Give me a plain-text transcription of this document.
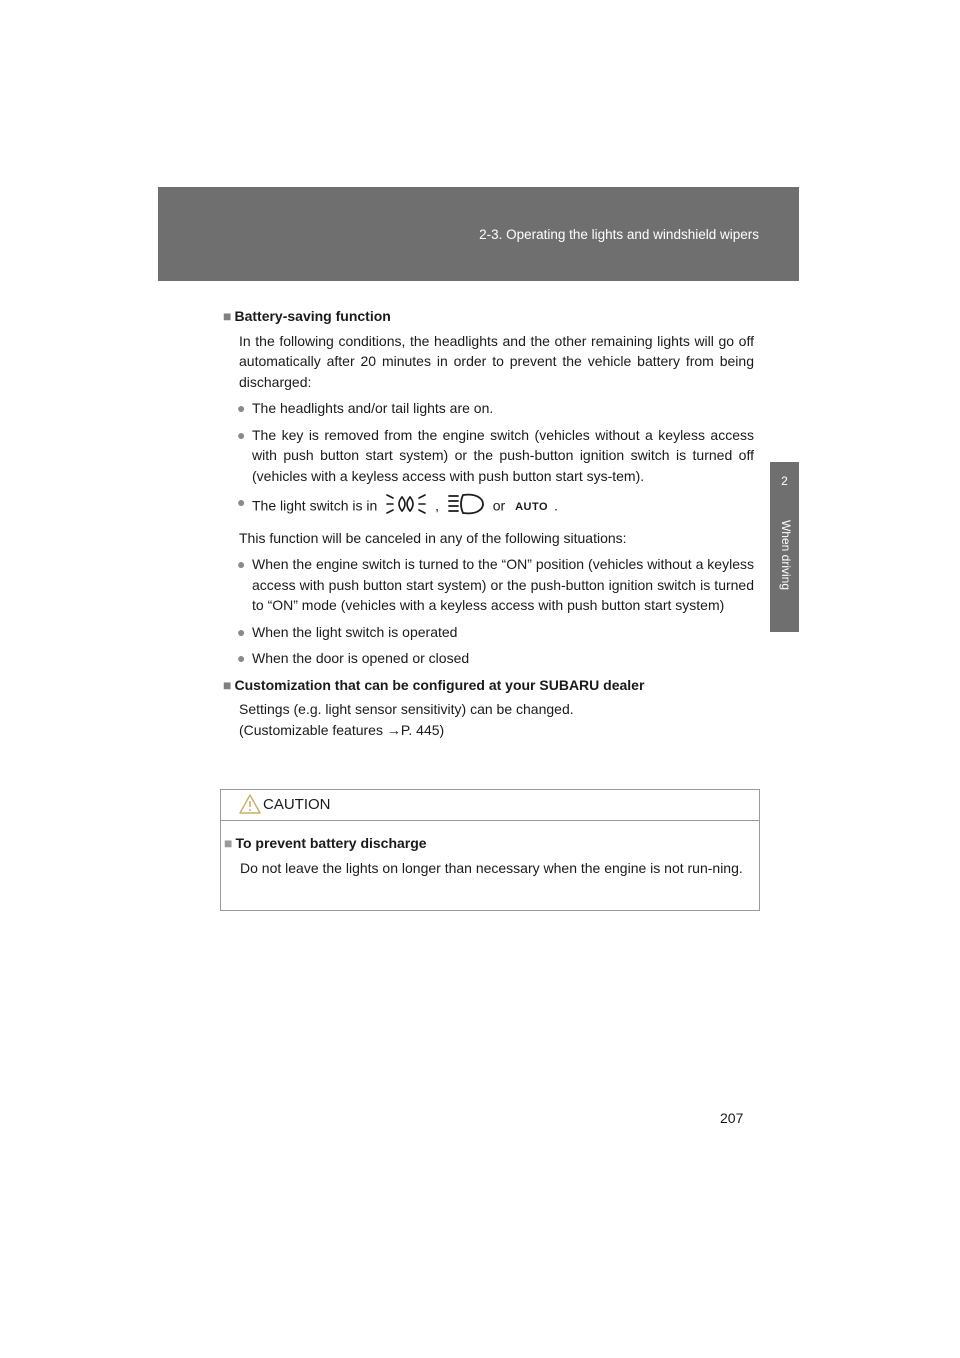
2-3. Operating the lights and windshield wipers
2
When driving
■ Battery-saving function
In the following conditions, the headlights and the other remaining lights will go off automatically after 20 minutes in order to prevent the vehicle battery from being discharged:
● The headlights and/or tail lights are on.
● The key is removed from the engine switch (vehicles without a keyless access with push button start system) or the push-button ignition switch is turned off (vehicles with a keyless access with push button start sys-tem).
● The light switch is in	,	or AUTO .
This function will be canceled in any of the following situations:
● When the engine switch is turned to the “ON” position (vehicles without a keyless access with push button start system) or the push-button ignition switch is turned to “ON” mode (vehicles with a keyless access with push button start system)
● When the light switch is operated
● When the door is opened or closed
■ Customization that can be configured at your SUBARU dealer
Settings (e.g. light sensor sensitivity) can be changed.
(Customizable features →P. 445)
CAUTION
■ To prevent battery discharge
Do not leave the lights on longer than necessary when the engine is not run-ning.
207
